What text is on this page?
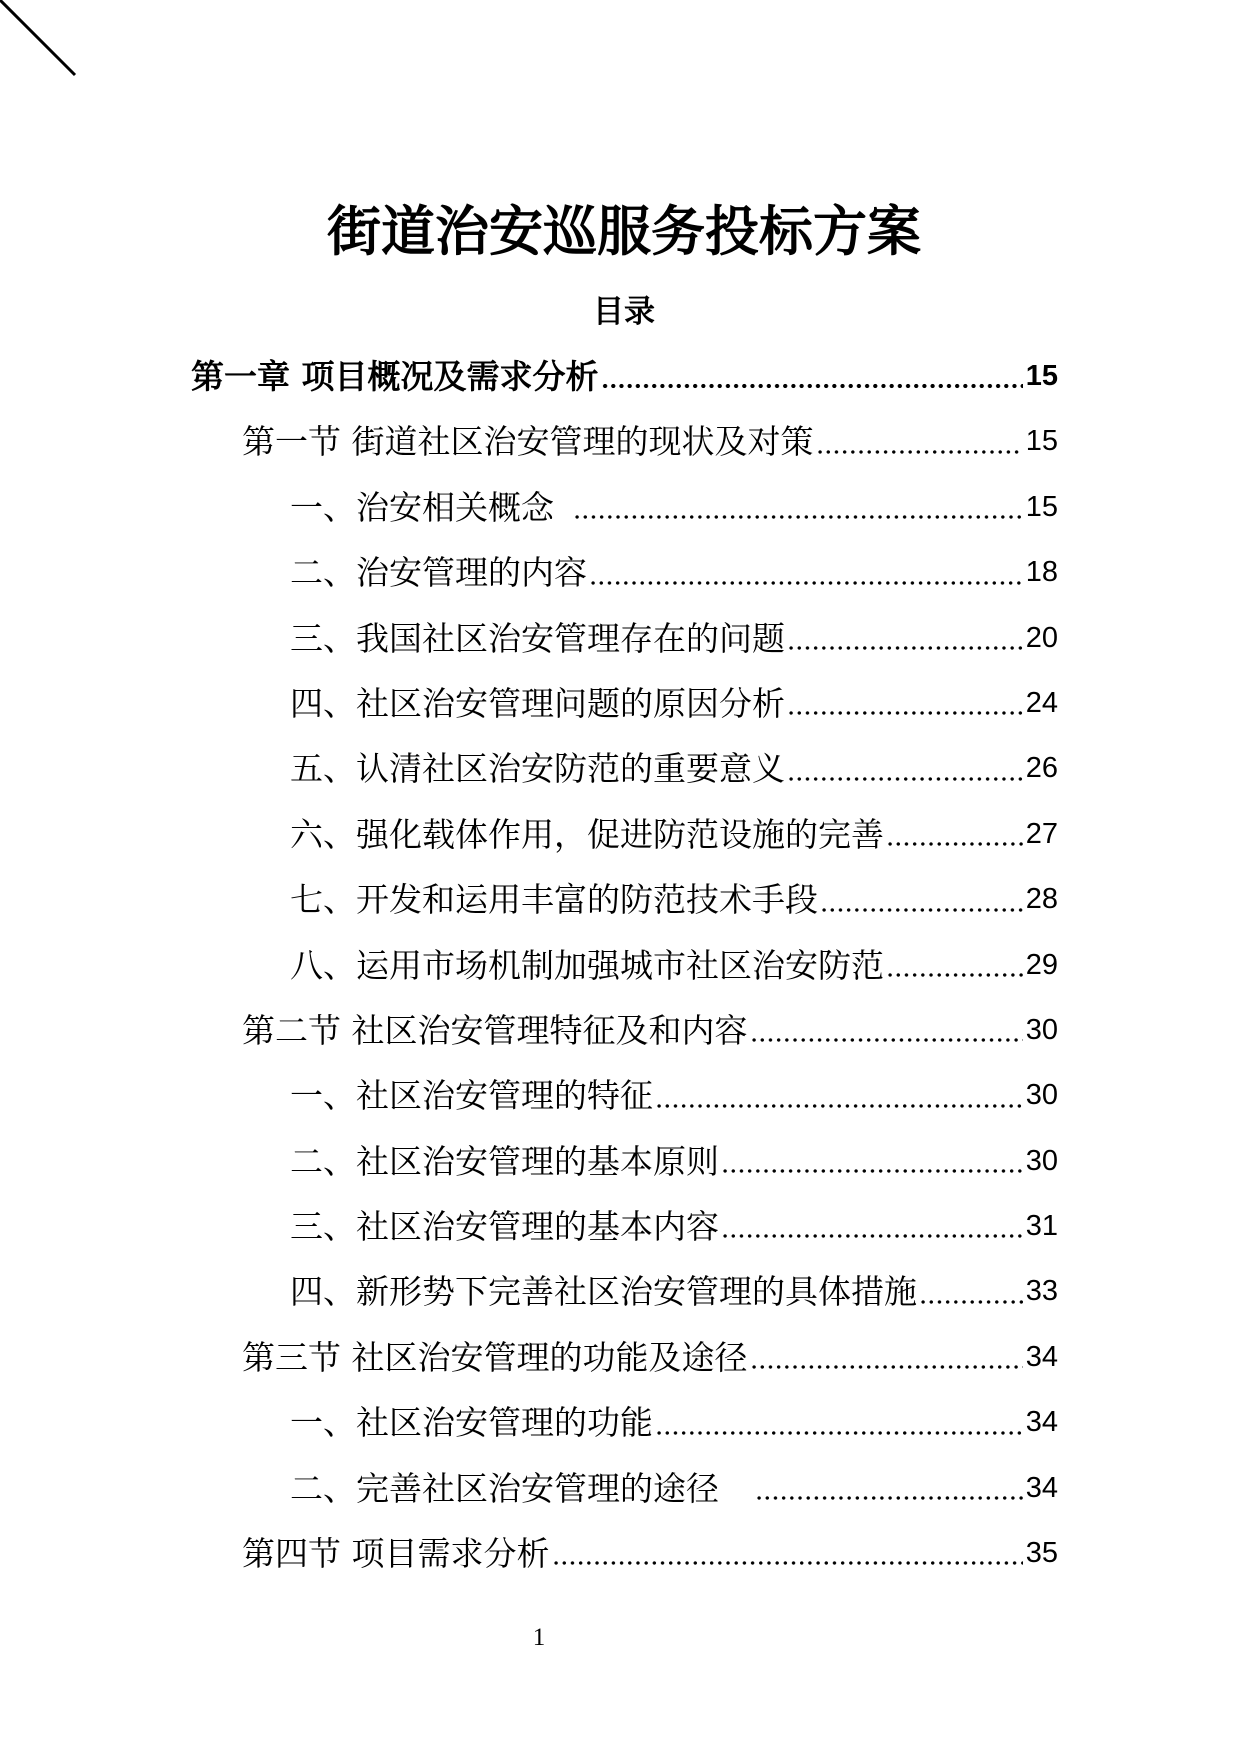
街道治安巡服务投标方案
目录
第一章 项目概况及需求分析	15
第一节 街道社区治安管理的现状及对策	15
一、治安相关概念	15
二、治安管理的内容	18
三、我国社区治安管理存在的问题	20
四、社区治安管理问题的原因分析	24
五、认清社区治安防范的重要意义	26
六、强化载体作用，促进防范设施的完善	27
七、开发和运用丰富的防范技术手段	28
八、运用市场机制加强城市社区治安防范	29
第二节 社区治安管理特征及和内容	30
一、社区治安管理的特征	30
二、社区治安管理的基本原则	30
三、社区治安管理的基本内容	31
四、新形势下完善社区治安管理的具体措施	33
第三节 社区治安管理的功能及途径	34
一、社区治安管理的功能	34
二、完善社区治安管理的途径	34
第四节 项目需求分析	35
1
